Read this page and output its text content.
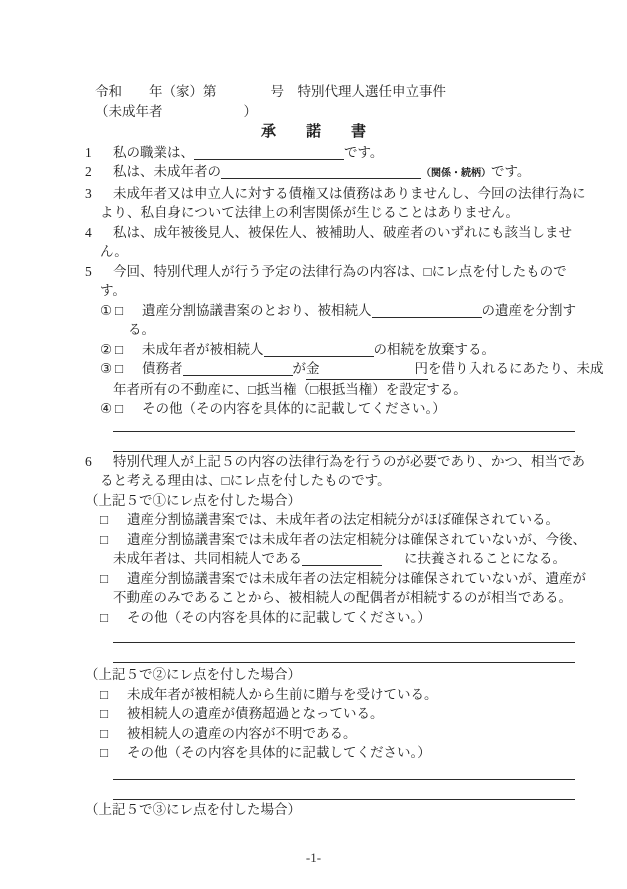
令和　　年（家）第　　　　号　特別代理人選任申立事件
（未成年者　　　　　　）
承　　諾　　書
1 私の職業は、	です。
2 私は、未成年者の	（関係・続柄）です。
3 未成年者又は申立人に対する債権又は債務はありませんし、今回の法律行為に
より、私自身について法律上の利害関係が生じることはありません。
4 私は、成年被後見人、被保佐人、被補助人、破産者のいずれにも該当しませ
ん。
5 今回、特別代理人が行う予定の法律行為の内容は、□にレ点を付したもので
す。
① □ 遺産分割協議書案のとおり、被相続人	の遺産を分割す
る。
② □ 未成年者が被相続人	の相続を放棄する。
③ □ 債務者	が金	円を借り入れるにあたり、未成
年者所有の不動産に、□抵当権（□根抵当権）を設定する。
④ □ その他（その内容を具体的に記載してください。）
6 特別代理人が上記５の内容の法律行為を行うのが必要であり、かつ、相当であ
ると考える理由は、□にレ点を付したものです。
（上記５で①にレ点を付した場合）
□ 遺産分割協議書案では、未成年者の法定相続分がほぼ確保されている。
□ 遺産分割協議書案では未成年者の法定相続分は確保されていないが、今後、
未成年者は、共同相続人である	に扶養されることになる。
□ 遺産分割協議書案では未成年者の法定相続分は確保されていないが、遺産が
不動産のみであることから、被相続人の配偶者が相続するのが相当である。
□ その他（その内容を具体的に記載してください。）
（上記５で②にレ点を付した場合）
□ 未成年者が被相続人から生前に贈与を受けている。
□ 被相続人の遺産が債務超過となっている。
□ 被相続人の遺産の内容が不明である。
□ その他（その内容を具体的に記載してください。）
（上記５で③にレ点を付した場合）
-1-
